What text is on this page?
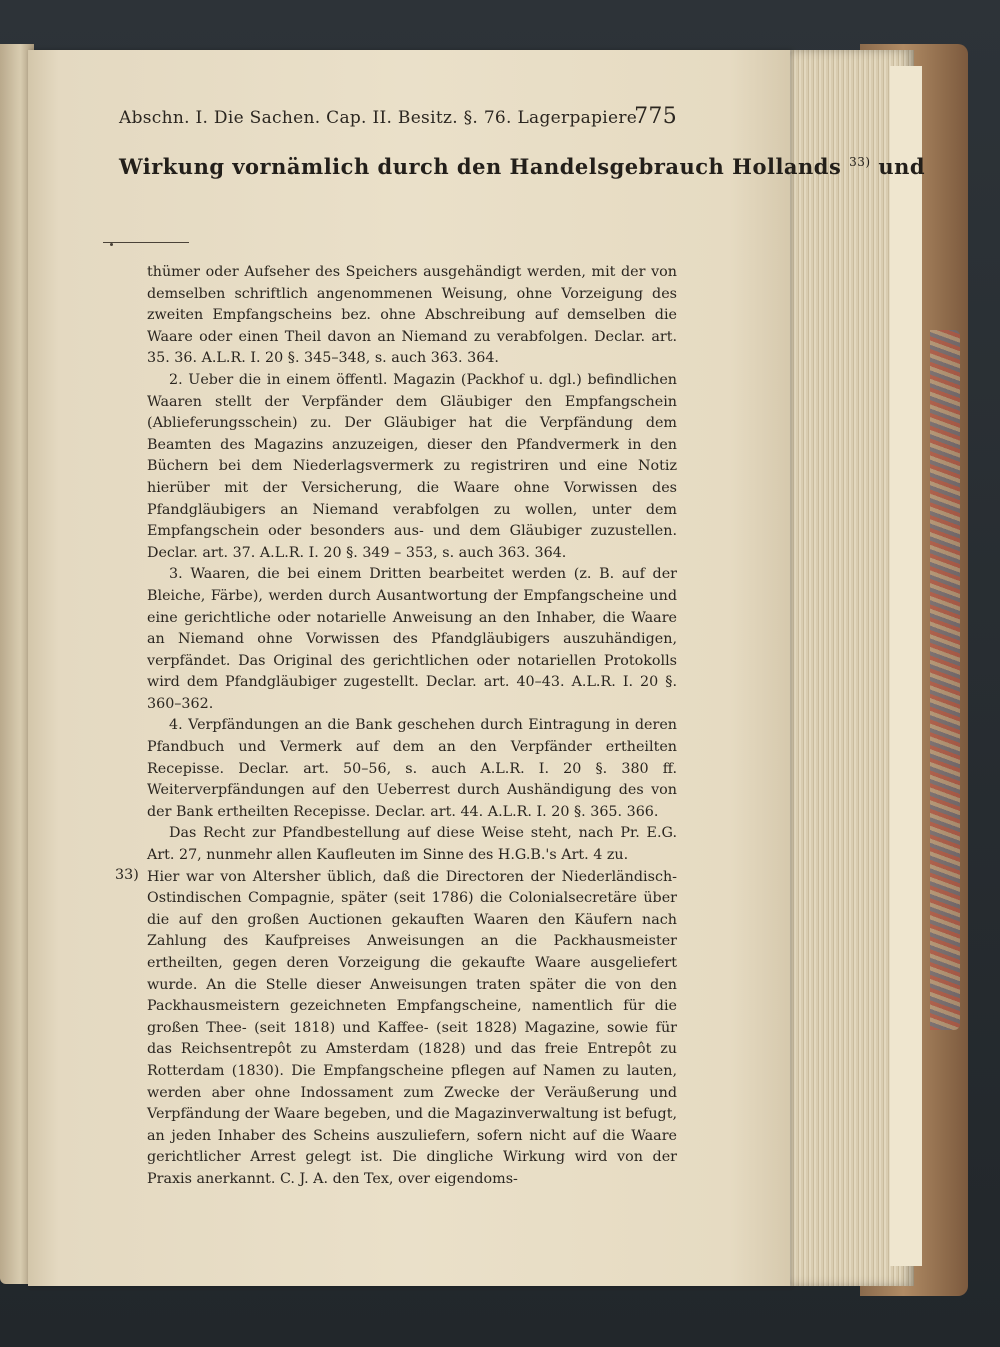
Abschn. I. Die Sachen. Cap. II. Besitz. §. 76. Lagerpapiere.
775
Wirkung vornämlich durch den Handelsgebrauch Hollands $^{33)}$ und

thümer oder Aufseher des Speichers ausgehändigt werden, mit der von demselben schriftlich angenommenen Weisung, ohne Vorzeigung des zweiten Empfangscheins bez. ohne Abschreibung auf demselben die Waare oder einen Theil davon an Niemand zu verabfolgen. Declar. art. 35. 36. A.L.R. I. 20 §. 345–348, s. auch 363. 364.

2. Ueber die in einem öffentl. Magazin (Packhof u. dgl.) befindlichen Waaren stellt der Verpfänder dem Gläubiger den Empfangschein (Ablieferungsschein) zu. Der Gläubiger hat die Verpfändung dem Beamten des Magazins anzuzeigen, dieser den Pfandvermerk in den Büchern bei dem Niederlagsvermerk zu registriren und eine Notiz hierüber mit der Versicherung, die Waare ohne Vorwissen des Pfandgläubigers an Niemand verabfolgen zu wollen, unter dem Empfangschein oder besonders aus- und dem Gläubiger zuzustellen. Declar. art. 37. A.L.R. I. 20 §. 349 – 353, s. auch 363. 364.

3. Waaren, die bei einem Dritten bearbeitet werden (z. B. auf der Bleiche, Färbe), werden durch Ausantwortung der Empfangscheine und eine gerichtliche oder notarielle Anweisung an den Inhaber, die Waare an Niemand ohne Vorwissen des Pfandgläubigers auszuhändigen, verpfändet. Das Original des gerichtlichen oder notariellen Protokolls wird dem Pfandgläubiger zugestellt. Declar. art. 40–43. A.L.R. I. 20 §. 360–362.

4. Verpfändungen an die Bank geschehen durch Eintragung in deren Pfandbuch und Vermerk auf dem an den Verpfänder ertheilten Recepisse. Declar. art. 50–56, s. auch A.L.R. I. 20 §. 380 ff. Weiterverpfändungen auf den Ueberrest durch Aushändigung des von der Bank ertheilten Recepisse. Declar. art. 44. A.L.R. I. 20 §. 365. 366.

Das Recht zur Pfandbestellung auf diese Weise steht, nach Pr. E.G. Art. 27, nunmehr allen Kaufleuten im Sinne des H.G.B.'s Art. 4 zu.

Hier war von Altersher üblich, daß die Directoren der Niederländisch-Ostindischen Compagnie, später (seit 1786) die Colonialsecretäre über die auf den großen Auctionen gekauften Waaren den Käufern nach Zahlung des Kaufpreises Anweisungen an die Packhausmeister ertheilten, gegen deren Vorzeigung die gekaufte Waare ausgeliefert wurde. An die Stelle dieser Anweisungen traten später die von den Packhausmeistern gezeichneten Empfangscheine, namentlich für die großen Thee- (seit 1818) und Kaffee- (seit 1828) Magazine, sowie für das Reichsentrepôt zu Amsterdam (1828) und das freie Entrepôt zu Rotterdam (1830). Die Empfangscheine pflegen auf Namen zu lauten, werden aber ohne Indossament zum Zwecke der Veräußerung und Verpfändung der Waare begeben, und die Magazinverwaltung ist befugt, an jeden Inhaber des Scheins auszuliefern, sofern nicht auf die Waare gerichtlicher Arrest gelegt ist. Die dingliche Wirkung wird von der Praxis anerkannt. C. J. A. den Tex, over eigendoms-

33)
